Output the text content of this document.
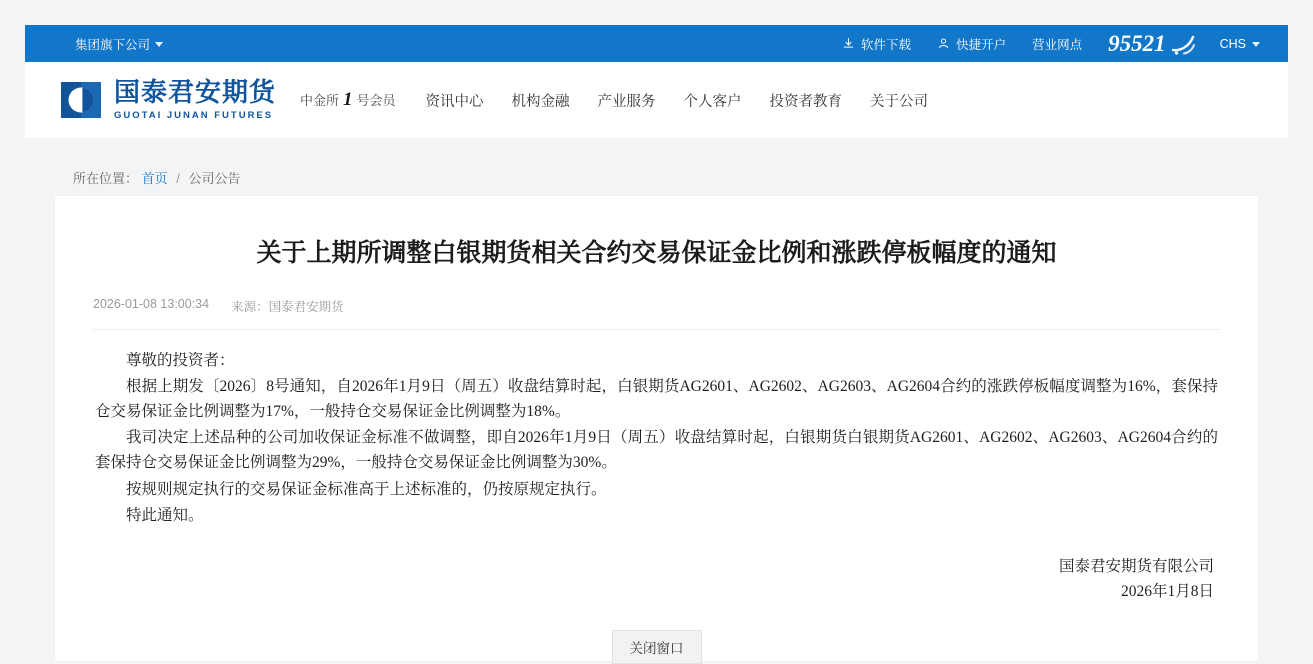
集团旗下公司	软件下载	快捷开户 营业网点 95521	CHS
国泰君安期货
GUOTAI JUNAN FUTURES
中金所 1 号会员 资讯中心 机构金融 产业服务 个人客户 投资者教育 关于公司
所在位置： 首页 / 公司公告
关于上期所调整白银期货相关合约交易保证金比例和涨跌停板幅度的通知
2026-01-08 13:00:34 来源：国泰君安期货

尊敬的投资者：

根据上期发〔2026〕8号通知，自2026年1月9日（周五）收盘结算时起，白银期货AG2601、AG2602、AG2603、AG2604合约的涨跌停板幅度调整为16%，套保持仓交易保证金比例调整为17%，一般持仓交易保证金比例调整为18%。

我司决定上述品种的公司加收保证金标准不做调整，即自2026年1月9日（周五）收盘结算时起，白银期货白银期货AG2601、AG2602、AG2603、AG2604合约的套保持仓交易保证金比例调整为29%，一般持仓交易保证金比例调整为30%。

按规则规定执行的交易保证金标准高于上述标准的，仍按原规定执行。

特此通知。

国泰君安期货有限公司
2026年1月8日
关闭窗口
